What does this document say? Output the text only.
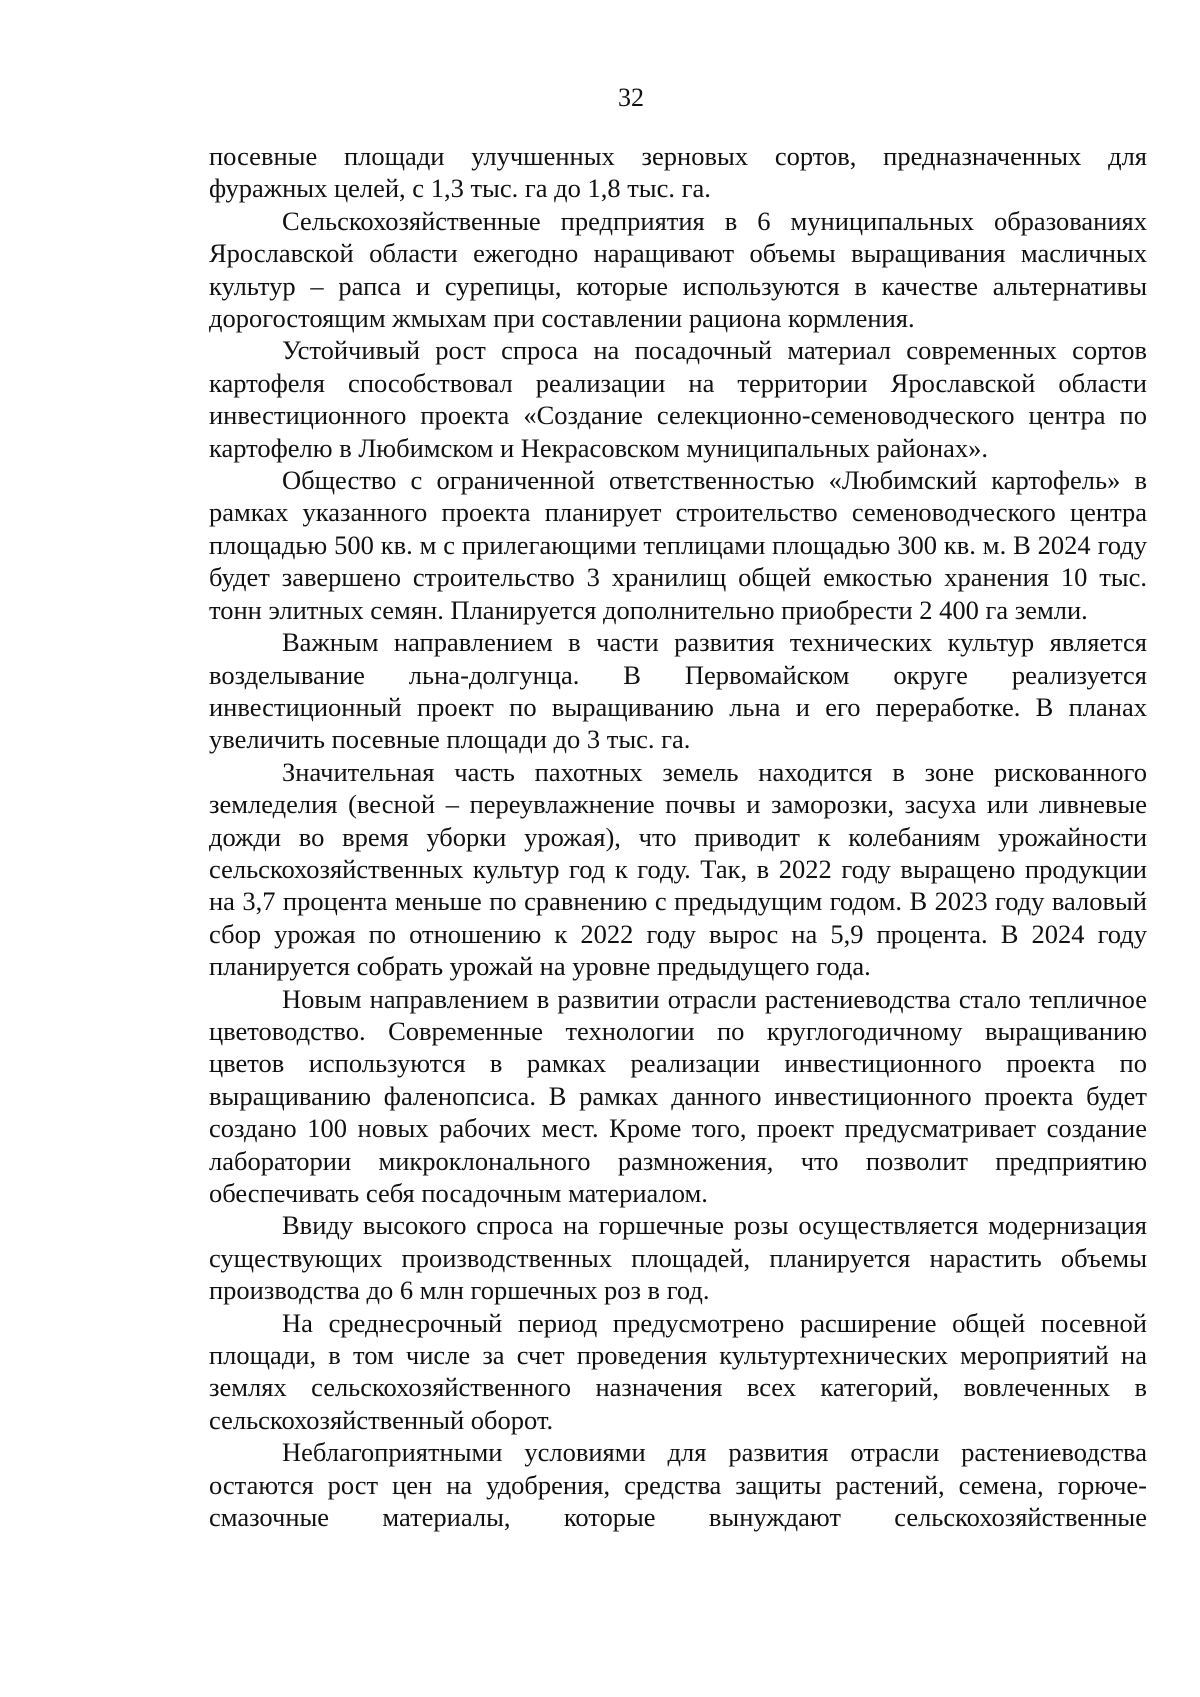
32

посевные площади улучшенных зерновых сортов, предназначенных для фуражных целей, с 1,3 тыс. га до 1,8 тыс. га.

Сельскохозяйственные предприятия в 6 муниципальных образованиях Ярославской области ежегодно наращивают объемы выращивания масличных культур – рапса и сурепицы, которые используются в качестве альтернативы дорогостоящим жмыхам при составлении рациона кормления.

Устойчивый рост спроса на посадочный материал современных сортов картофеля способствовал реализации на территории Ярославской области инвестиционного проекта «Создание селекционно-семеноводческого центра по картофелю в Любимском и Некрасовском муниципальных районах».

Общество с ограниченной ответственностью «Любимский картофель» в рамках указанного проекта планирует строительство семеноводческого центра площадью 500 кв. м с прилегающими теплицами площадью 300 кв. м. В 2024 году будет завершено строительство 3 хранилищ общей емкостью хранения 10 тыс. тонн элитных семян. Планируется дополнительно приобрести 2 400 га земли.

Важным направлением в части развития технических культур является возделывание льна-долгунца. В Первомайском округе реализуется инвестиционный проект по выращиванию льна и его переработке. В планах увеличить посевные площади до 3 тыс. га.

Значительная часть пахотных земель находится в зоне рискованного земледелия (весной – переувлажнение почвы и заморозки, засуха или ливневые дожди во время уборки урожая), что приводит к колебаниям урожайности сельскохозяйственных культур год к году. Так, в 2022 году выращено продукции на 3,7 процента меньше по сравнению с предыдущим годом. В 2023 году валовый сбор урожая по отношению к 2022 году вырос на 5,9 процента. В 2024 году планируется собрать урожай на уровне предыдущего года.

Новым направлением в развитии отрасли растениеводства стало тепличное цветоводство. Современные технологии по круглогодичному выращиванию цветов используются в рамках реализации инвестиционного проекта по выращиванию фаленопсиса. В рамках данного инвестиционного проекта будет создано 100 новых рабочих мест. Кроме того, проект предусматривает создание лаборатории микроклонального размножения, что позволит предприятию обеспечивать себя посадочным материалом.

Ввиду высокого спроса на горшечные розы осуществляется модернизация существующих производственных площадей, планируется нарастить объемы производства до 6 млн горшечных роз в год.

На среднесрочный период предусмотрено расширение общей посевной площади, в том числе за счет проведения культуртехнических мероприятий на землях сельскохозяйственного назначения всех категорий, вовлеченных в сельскохозяйственный оборот.

Неблагоприятными условиями для развития отрасли растениеводства остаются рост цен на удобрения, средства защиты растений, семена, горюче-смазочные материалы, которые вынуждают сельскохозяйственные
